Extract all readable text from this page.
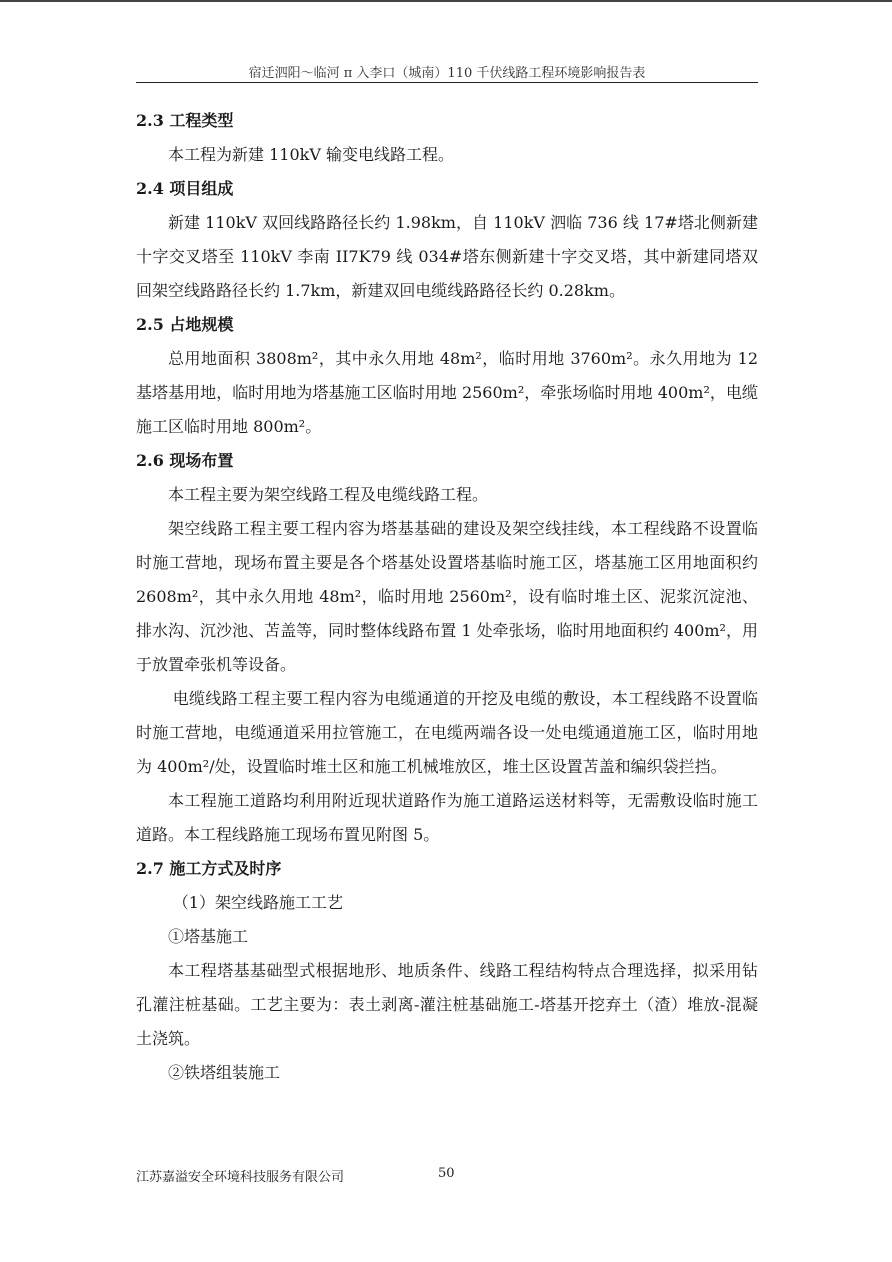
宿迁泗阳～临河 π 入李口（城南）110 千伏线路工程环境影响报告表
2.3 工程类型

本工程为新建 110kV 输变电线路工程。

2.4 项目组成

新建 110kV 双回线路路径长约 1.98km，自 110kV 泗临 736 线 17#塔北侧新建十字交叉塔至 110kV 李南 II7K79 线 034#塔东侧新建十字交叉塔，其中新建同塔双回架空线路路径长约 1.7km，新建双回电缆线路路径长约 0.28km。

2.5 占地规模

总用地面积 3808m²，其中永久用地 48m²，临时用地 3760m²。永久用地为 12 基塔基用地，临时用地为塔基施工区临时用地 2560m²，牵张场临时用地 400m²，电缆施工区临时用地 800m²。

2.6 现场布置

本工程主要为架空线路工程及电缆线路工程。

架空线路工程主要工程内容为塔基基础的建设及架空线挂线，本工程线路不设置临时施工营地，现场布置主要是各个塔基处设置塔基临时施工区，塔基施工区用地面积约 2608m²，其中永久用地 48m²，临时用地 2560m²，设有临时堆土区、泥浆沉淀池、排水沟、沉沙池、苫盖等，同时整体线路布置 1 处牵张场，临时用地面积约 400m²，用于放置牵张机等设备。

电缆线路工程主要工程内容为电缆通道的开挖及电缆的敷设，本工程线路不设置临时施工营地，电缆通道采用拉管施工，在电缆两端各设一处电缆通道施工区，临时用地为 400m²/处，设置临时堆土区和施工机械堆放区，堆土区设置苫盖和编织袋拦挡。

本工程施工道路均利用附近现状道路作为施工道路运送材料等，无需敷设临时施工道路。本工程线路施工现场布置见附图 5。

2.7 施工方式及时序

（1）架空线路施工工艺

①塔基施工

本工程塔基基础型式根据地形、地质条件、线路工程结构特点合理选择，拟采用钻孔灌注桩基础。工艺主要为：表土剥离-灌注桩基础施工-塔基开挖弃土（渣）堆放-混凝土浇筑。

②铁塔组装施工

江苏嘉溢安全环境科技服务有限公司	50
